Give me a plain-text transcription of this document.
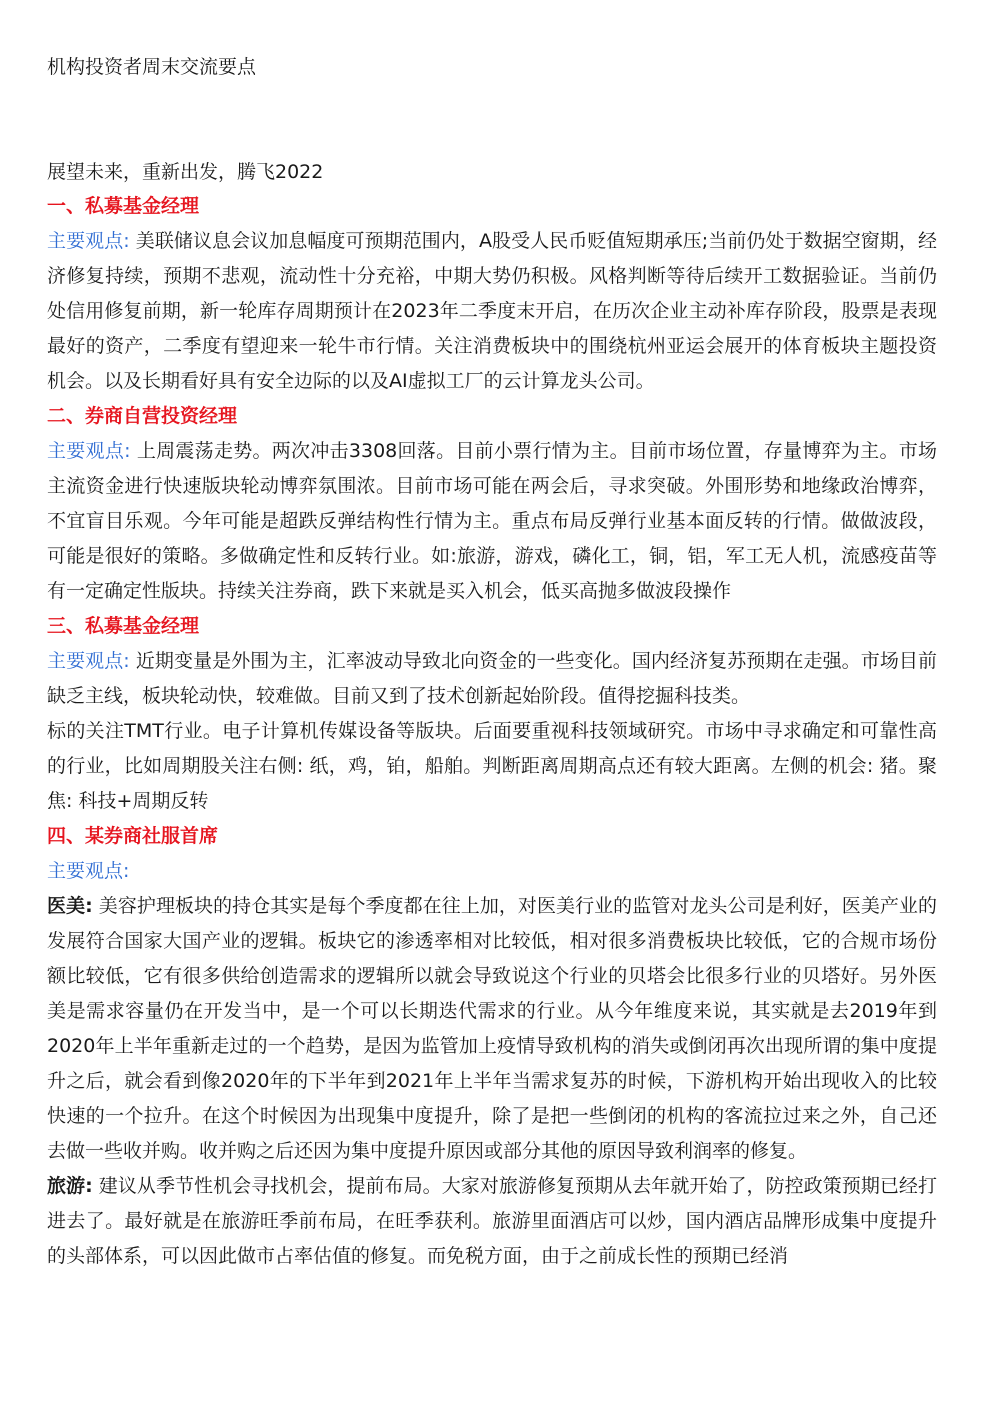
机构投资者周末交流要点

展望未来，重新出发，腾飞2022

一、私募基金经理

主要观点: 美联储议息会议加息幅度可预期范围内，A股受人民币贬值短期承压;当前仍处于数据空窗期，经济修复持续，预期不悲观，流动性十分充裕，中期大势仍积极。风格判断等待后续开工数据验证。当前仍处信用修复前期，新一轮库存周期预计在2023年二季度末开启，在历次企业主动补库存阶段，股票是表现最好的资产，二季度有望迎来一轮牛市行情。关注消费板块中的围绕杭州亚运会展开的体育板块主题投资机会。以及长期看好具有安全边际的以及AI虚拟工厂的云计算龙头公司。

二、券商自营投资经理

主要观点: 上周震荡走势。两次冲击3308回落。目前小票行情为主。目前市场位置，存量博弈为主。市场主流资金进行快速版块轮动博弈氛围浓。目前市场可能在两会后，寻求突破。外围形势和地缘政治博弈，不宜盲目乐观。今年可能是超跌反弹结构性行情为主。重点布局反弹行业基本面反转的行情。做做波段，可能是很好的策略。多做确定性和反转行业。如:旅游，游戏，磷化工，铜，铝，军工无人机，流感疫苗等有一定确定性版块。持续关注券商，跌下来就是买入机会，低买高抛多做波段操作

三、私募基金经理

主要观点: 近期变量是外围为主，汇率波动导致北向资金的一些变化。国内经济复苏预期在走强。市场目前缺乏主线，板块轮动快，较难做。目前又到了技术创新起始阶段。值得挖掘科技类。

标的关注TMT行业。电子计算机传媒设备等版块。后面要重视科技领域研究。市场中寻求确定和可靠性高的行业，比如周期股关注右侧: 纸，鸡，铂，船舶。判断距离周期高点还有较大距离。左侧的机会: 猪。聚焦: 科技+周期反转

四、某券商社服首席

主要观点:

医美: 美容护理板块的持仓其实是每个季度都在往上加，对医美行业的监管对龙头公司是利好，医美产业的发展符合国家大国产业的逻辑。板块它的渗透率相对比较低，相对很多消费板块比较低，它的合规市场份额比较低，它有很多供给创造需求的逻辑所以就会导致说这个行业的贝塔会比很多行业的贝塔好。另外医美是需求容量仍在开发当中，是一个可以长期迭代需求的行业。从今年维度来说，其实就是去2019年到2020年上半年重新走过的一个趋势，是因为监管加上疫情导致机构的消失或倒闭再次出现所谓的集中度提升之后，就会看到像2020年的下半年到2021年上半年当需求复苏的时候，下游机构开始出现收入的比较快速的一个拉升。在这个时候因为出现集中度提升，除了是把一些倒闭的机构的客流拉过来之外，自己还去做一些收并购。收并购之后还因为集中度提升原因或部分其他的原因导致利润率的修复。

旅游: 建议从季节性机会寻找机会，提前布局。大家对旅游修复预期从去年就开始了，防控政策预期已经打进去了。最好就是在旅游旺季前布局，在旺季获利。旅游里面酒店可以炒，国内酒店品牌形成集中度提升的头部体系，可以因此做市占率估值的修复。而免税方面，由于之前成长性的预期已经消
